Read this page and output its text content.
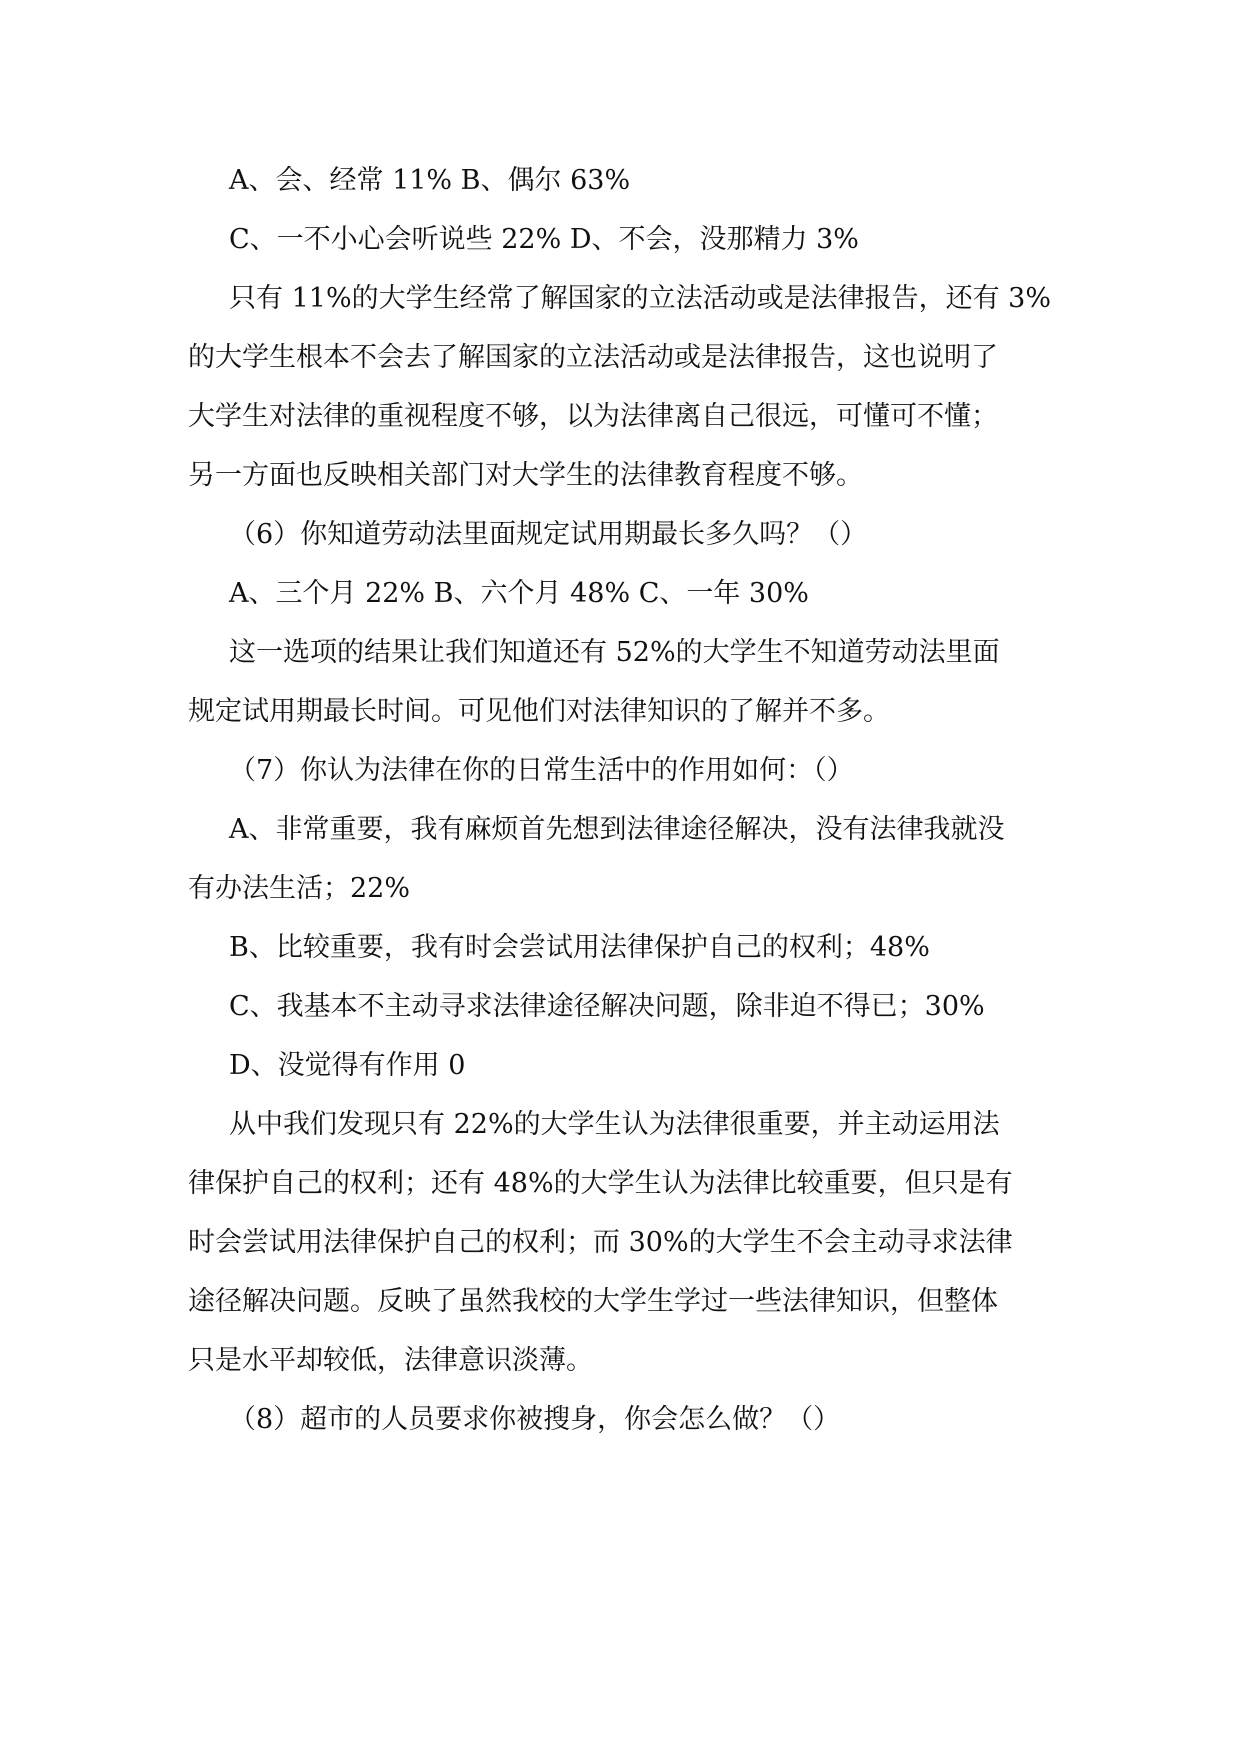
A、会、经常 11% B、偶尔 63%
C、一不小心会听说些 22% D、不会，没那精力 3%
只有 11%的大学生经常了解国家的立法活动或是法律报告，还有 3%
的大学生根本不会去了解国家的立法活动或是法律报告，这也说明了
大学生对法律的重视程度不够，以为法律离自己很远，可懂可不懂；
另一方面也反映相关部门对大学生的法律教育程度不够。
（6）你知道劳动法里面规定试用期最长多久吗？（）
A、三个月 22% B、六个月 48% C、一年 30%
这一选项的结果让我们知道还有 52%的大学生不知道劳动法里面
规定试用期最长时间。可见他们对法律知识的了解并不多。
（7）你认为法律在你的日常生活中的作用如何：（）
A、非常重要，我有麻烦首先想到法律途径解决，没有法律我就没
有办法生活；22%
B、比较重要，我有时会尝试用法律保护自己的权利；48%
C、我基本不主动寻求法律途径解决问题，除非迫不得已；30%
D、没觉得有作用 0
从中我们发现只有 22%的大学生认为法律很重要，并主动运用法
律保护自己的权利；还有 48%的大学生认为法律比较重要，但只是有
时会尝试用法律保护自己的权利；而 30%的大学生不会主动寻求法律
途径解决问题。反映了虽然我校的大学生学过一些法律知识，但整体
只是水平却较低，法律意识淡薄。
（8）超市的人员要求你被搜身，你会怎么做？（）
